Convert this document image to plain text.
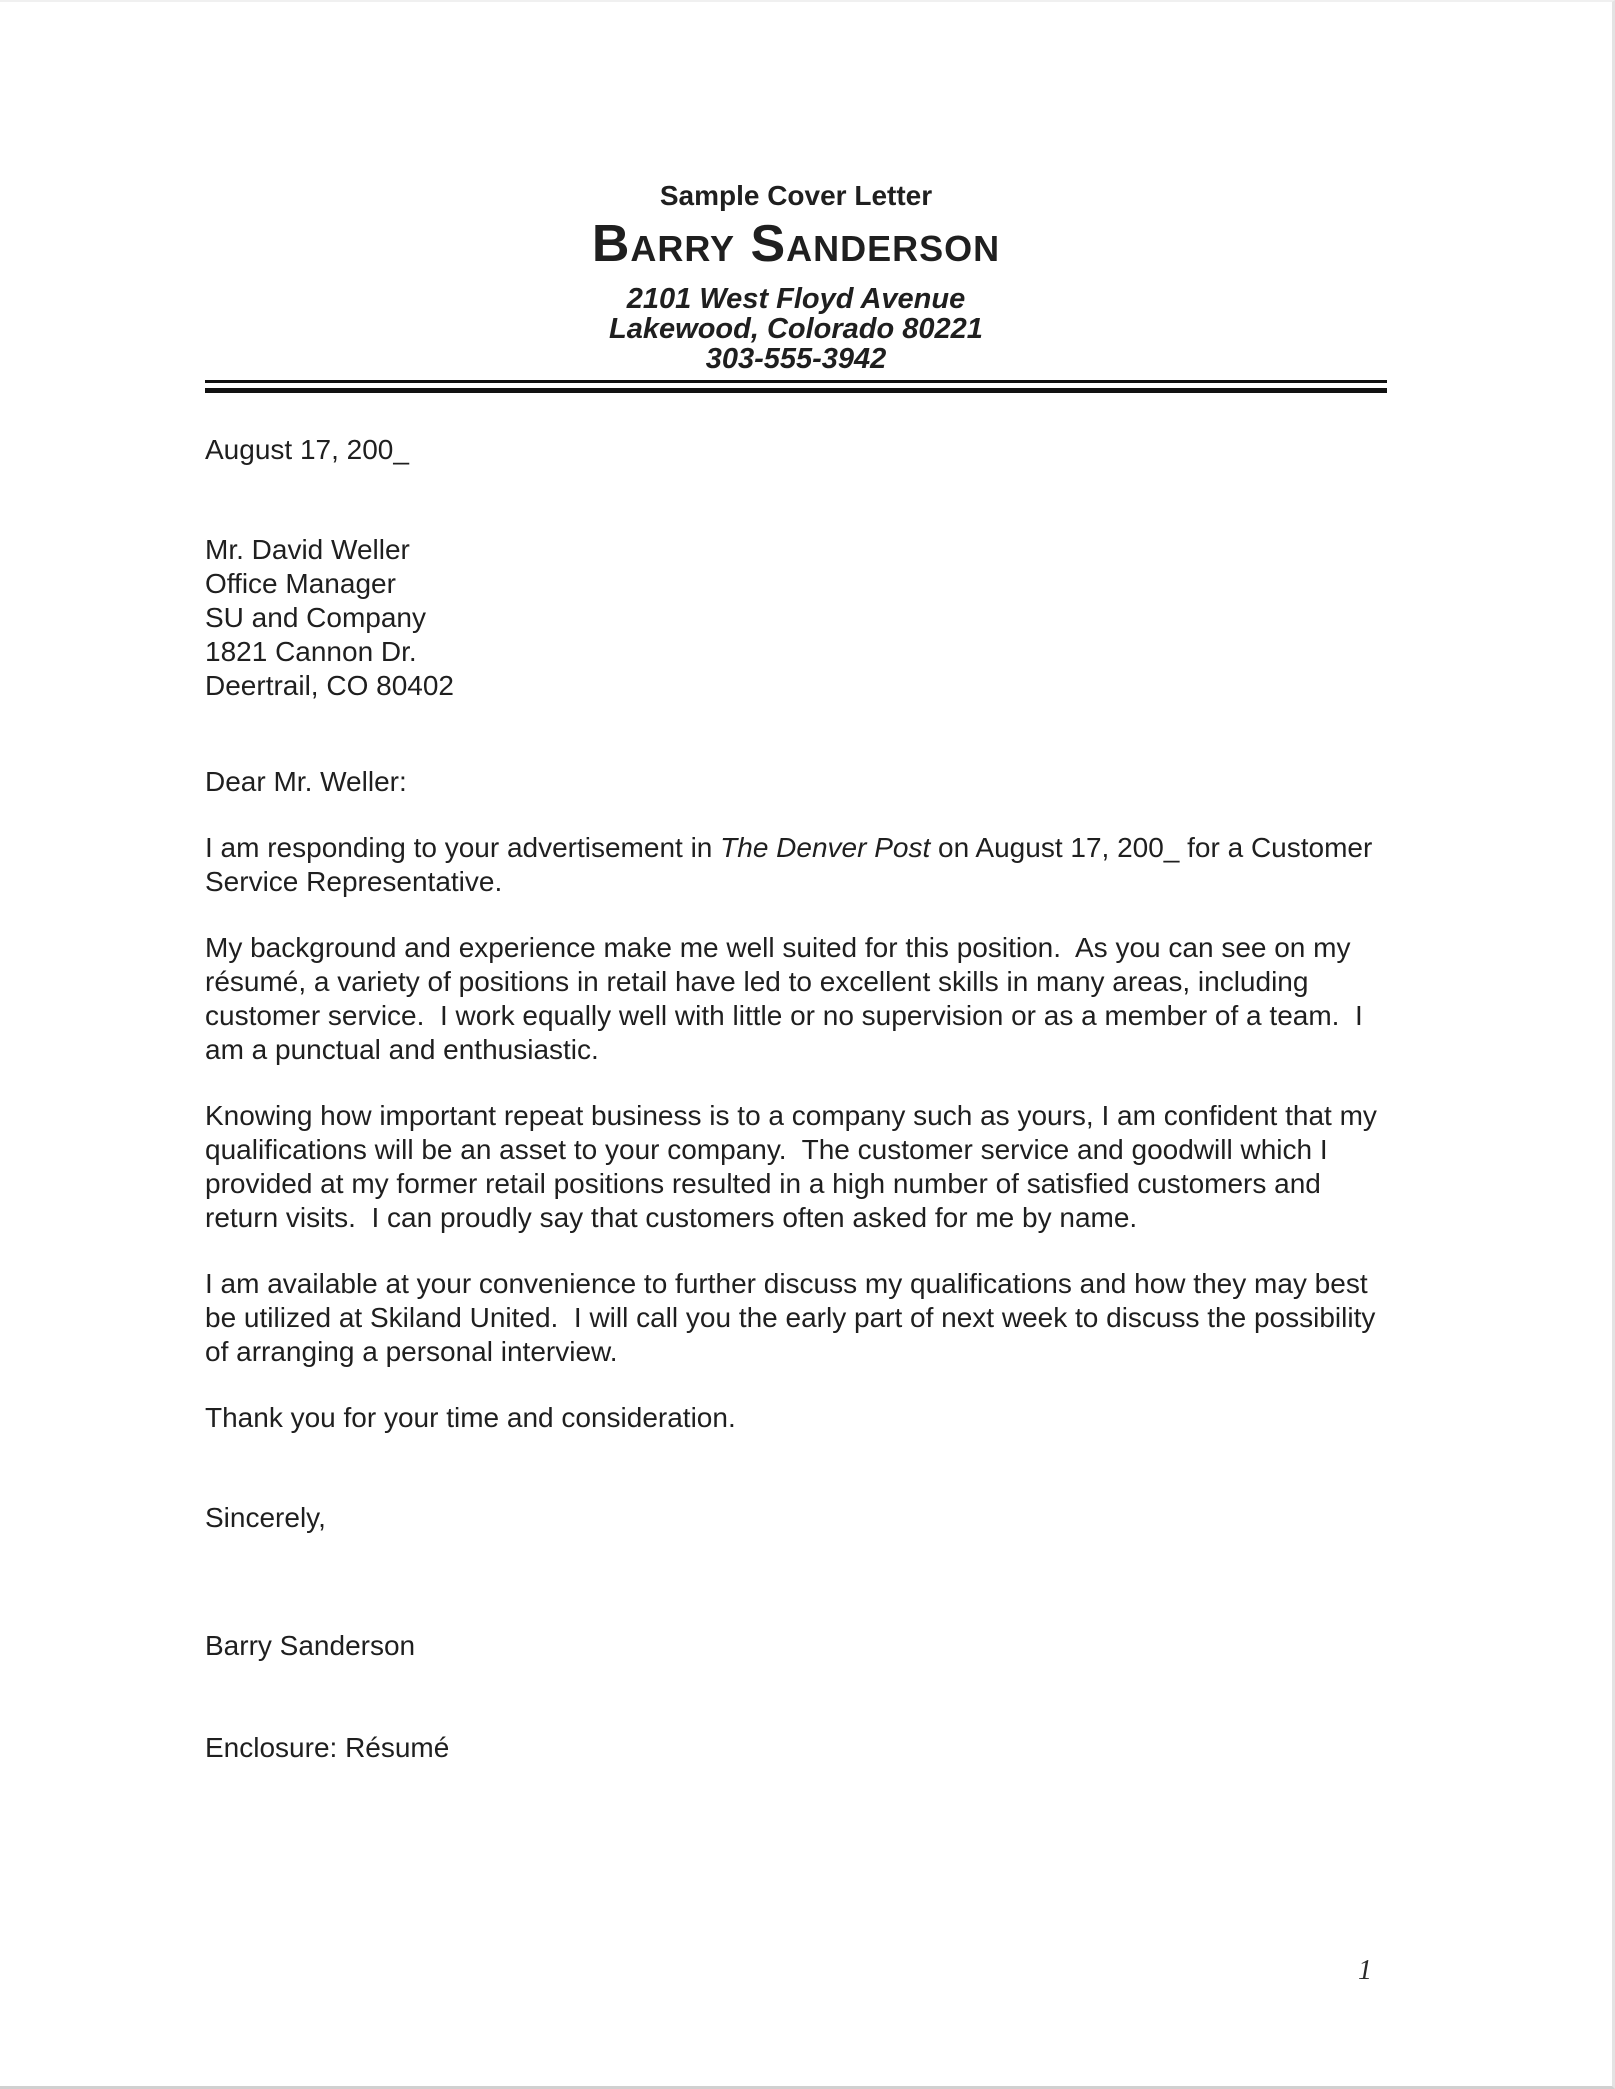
Sample Cover Letter
Barry Sanderson
2101 West Floyd Avenue
Lakewood, Colorado 80221
303-555-3942
August 17, 200_
Mr. David Weller
Office Manager
SU and Company
1821 Cannon Dr.
Deertrail, CO 80402
Dear Mr. Weller:

I am responding to your advertisement in The Denver Post on August 17, 200_ for a Customer Service Representative.

My background and experience make me well suited for this position.  As you can see on my résumé, a variety of positions in retail have led to excellent skills in many areas, including customer service.  I work equally well with little or no supervision or as a member of a team.  I am a punctual and enthusiastic.

Knowing how important repeat business is to a company such as yours, I am confident that my qualifications will be an asset to your company.  The customer service and goodwill which I provided at my former retail positions resulted in a high number of satisfied customers and return visits.  I can proudly say that customers often asked for me by name.

I am available at your convenience to further discuss my qualifications and how they may best be utilized at Skiland United.  I will call you the early part of next week to discuss the possibility of arranging a personal interview.

Thank you for your time and consideration.

Sincerely,
Barry Sanderson
Enclosure: Résumé
1
